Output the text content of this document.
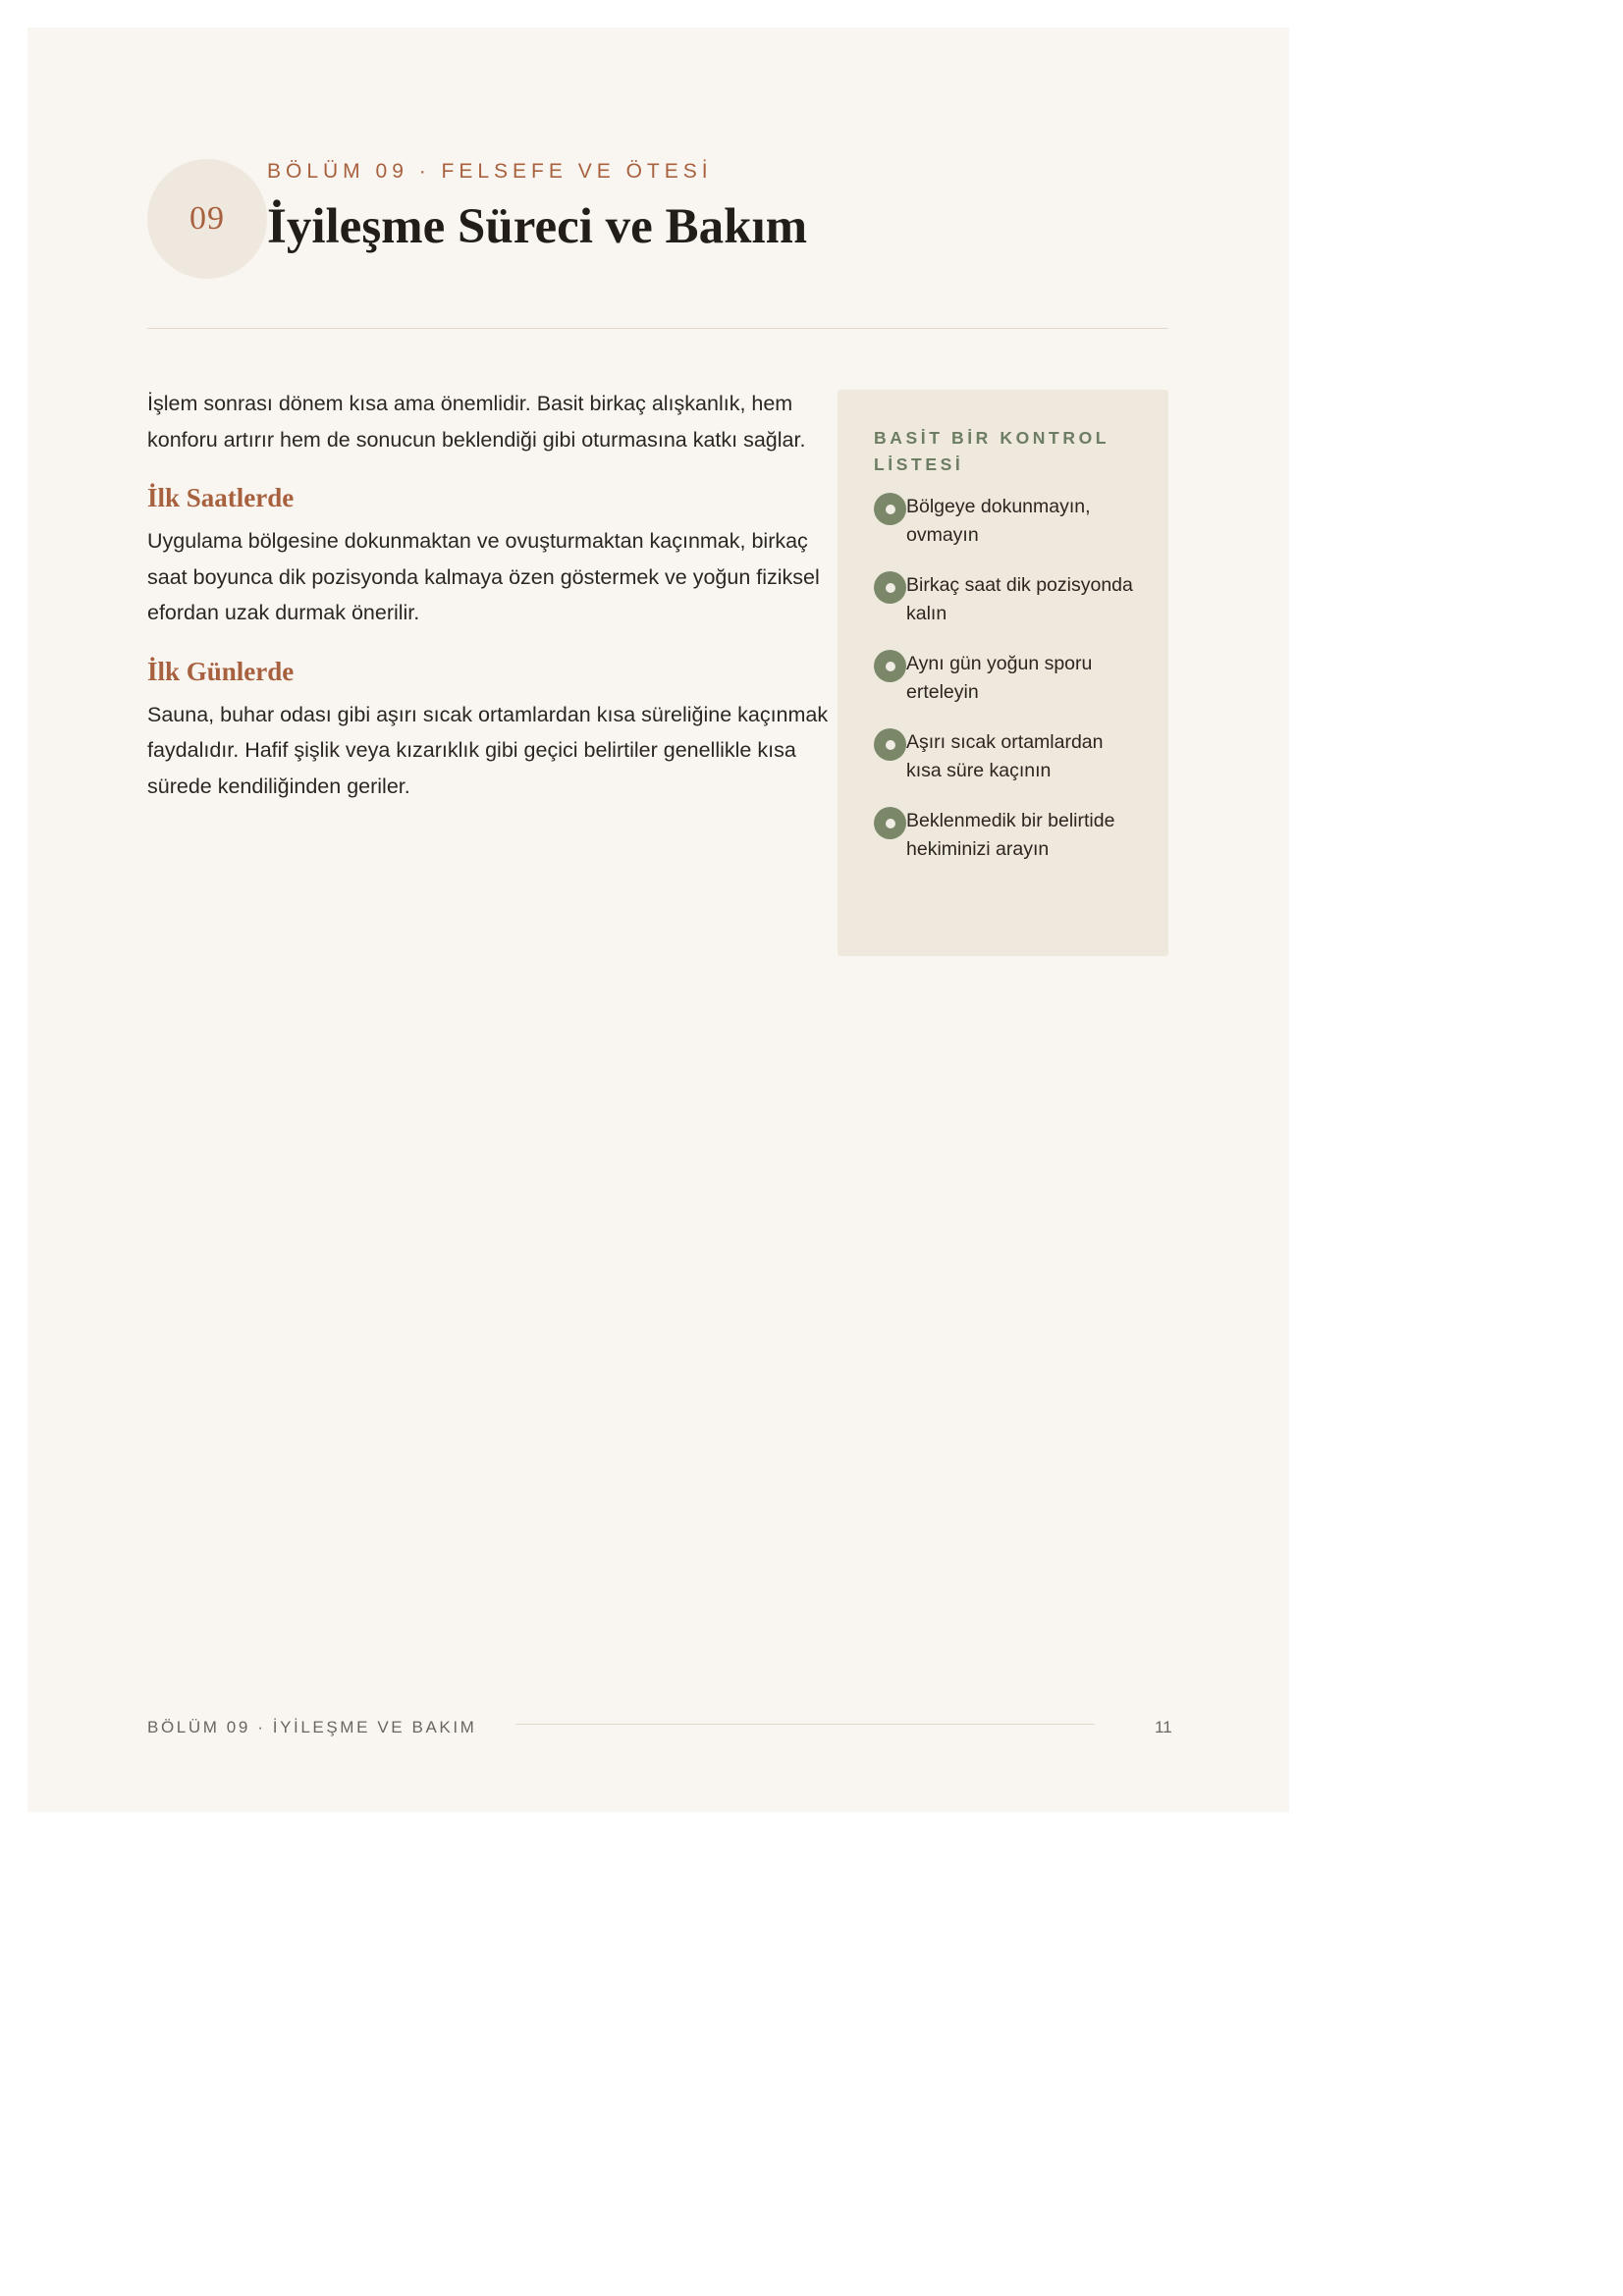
09
BÖLÜM 09 · FELSEFE VE ÖTESİ
İyileşme Süreci ve Bakım

İşlem sonrası dönem kısa ama önemlidir. Basit birkaç alışkanlık, hem konforu artırır hem de sonucun beklendiği gibi oturmasına katkı sağlar.

İlk Saatlerde

Uygulama bölgesine dokunmaktan ve ovuşturmaktan kaçınmak, birkaç saat boyunca dik pozisyonda kalmaya özen göstermek ve yoğun fiziksel efordan uzak durmak önerilir.

İlk Günlerde

Sauna, buhar odası gibi aşırı sıcak ortamlardan kısa süreliğine kaçınmak faydalıdır. Hafif şişlik veya kızarıklık gibi geçici belirtiler genellikle kısa sürede kendiliğinden geriler.

BASİT BİR KONTROL LİSTESİ
Bölgeye dokunmayın, ovmayın
Birkaç saat dik pozisyonda kalın
Aynı gün yoğun sporu erteleyin
Aşırı sıcak ortamlardan kısa süre kaçının
Beklenmedik bir belirtide hekiminizi arayın
BÖLÜM 09 · İYİLEŞME VE BAKIM	11
